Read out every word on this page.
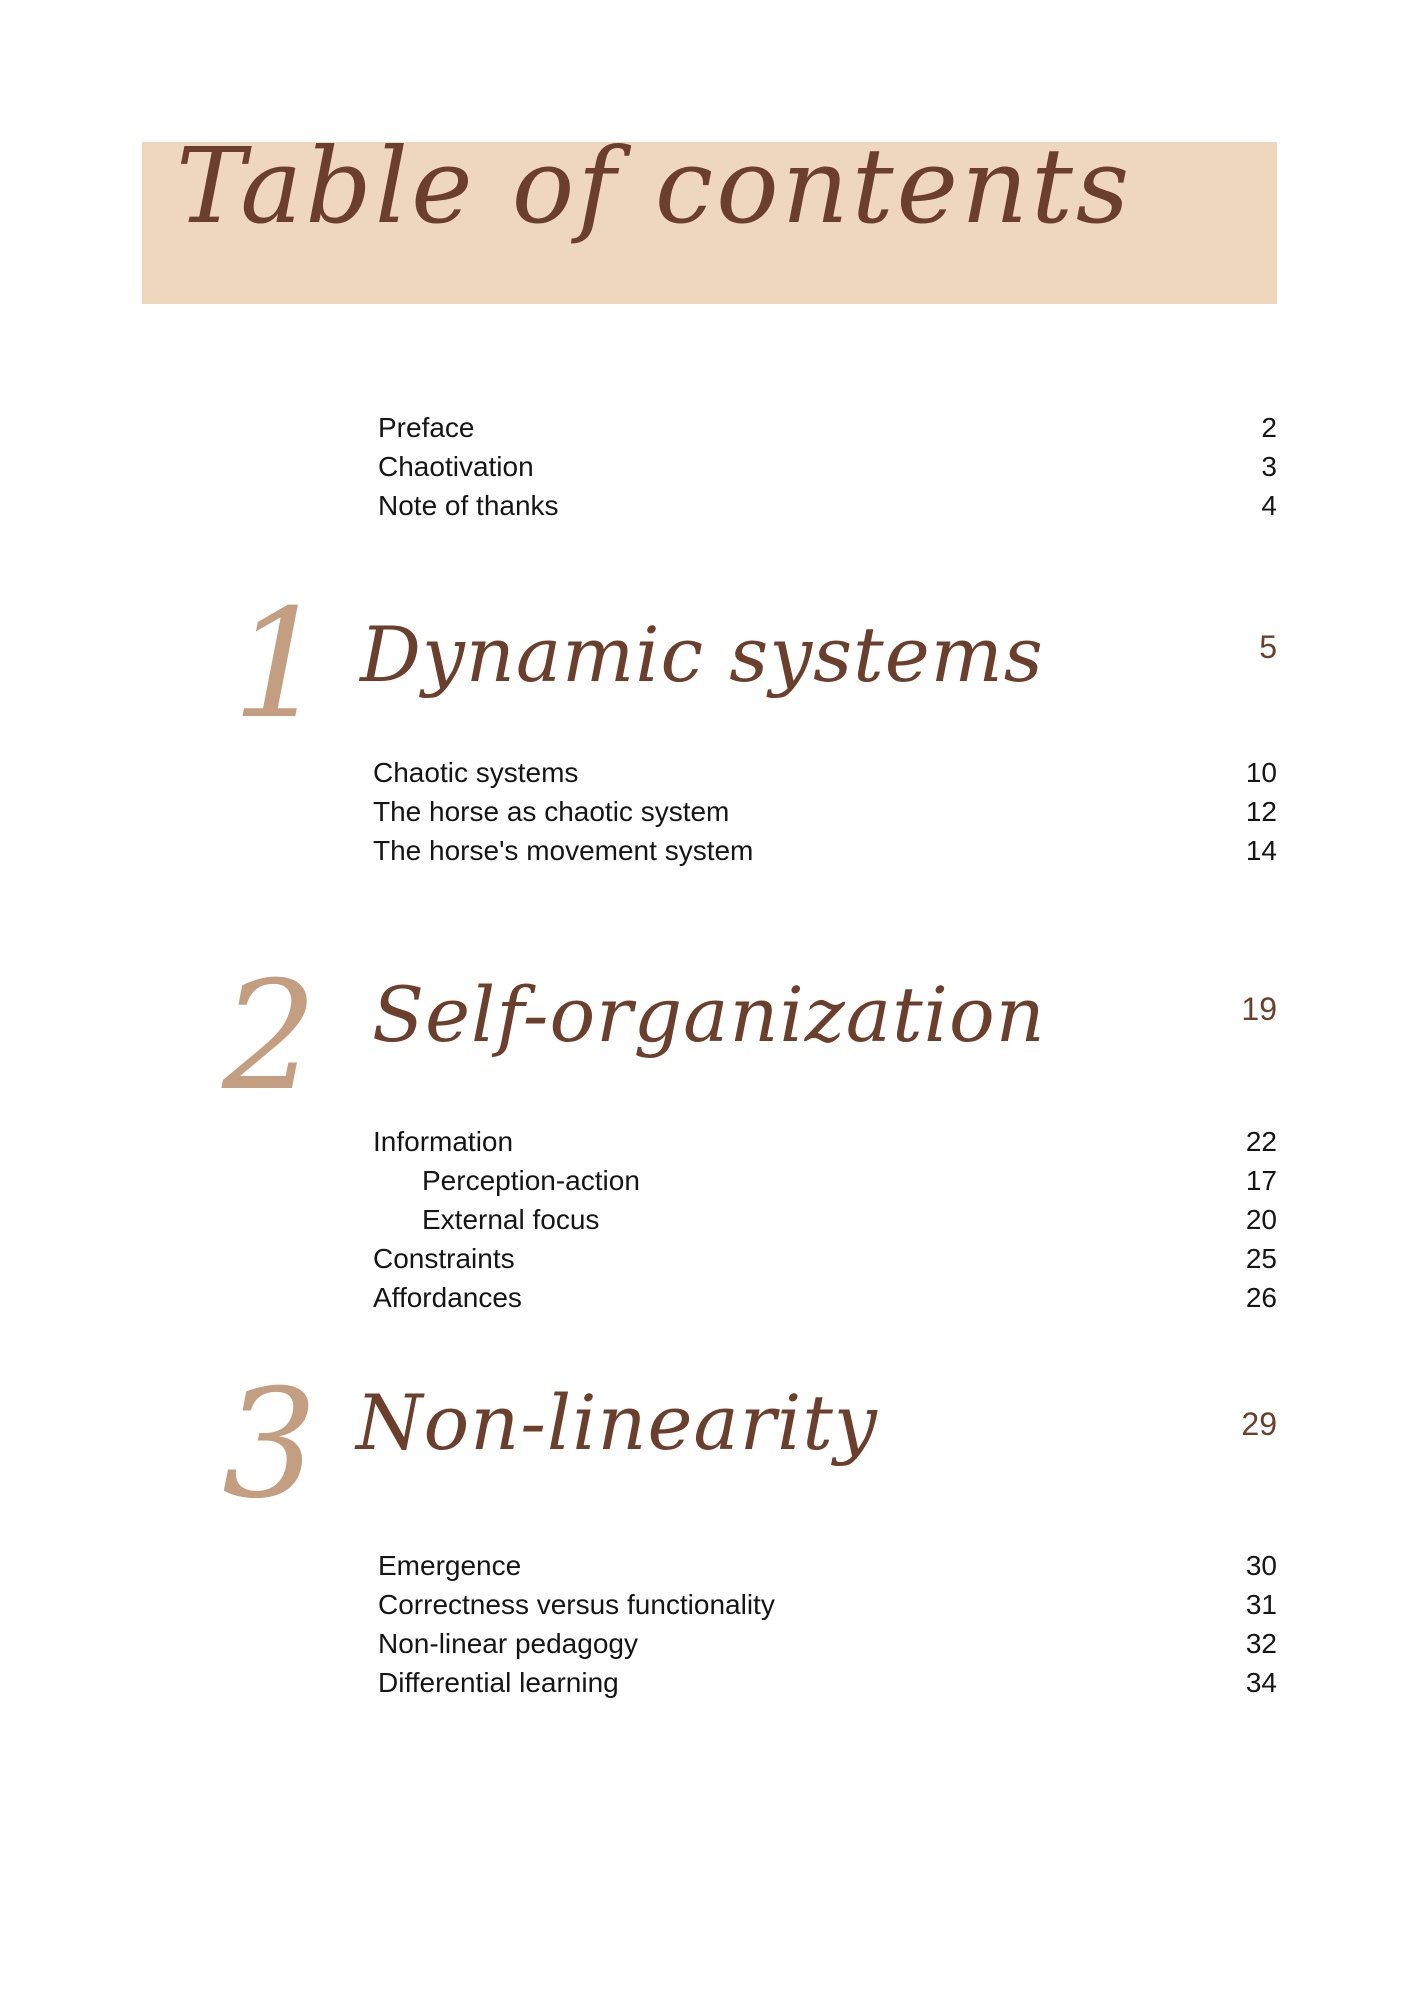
Table of contents
Preface	2
Chaotivation	3
Note of thanks	4
1 Dynamic systems	5
Chaotic systems	10
The horse as chaotic system	12
The horse's movement system	14
2 Self-organization	19
Information	22
Perception-action	17
External focus	20
Constraints	25
Affordances	26
3 Non-linearity	29
Emergence	30
Correctness versus functionality	31
Non-linear pedagogy	32
Differential learning	34
